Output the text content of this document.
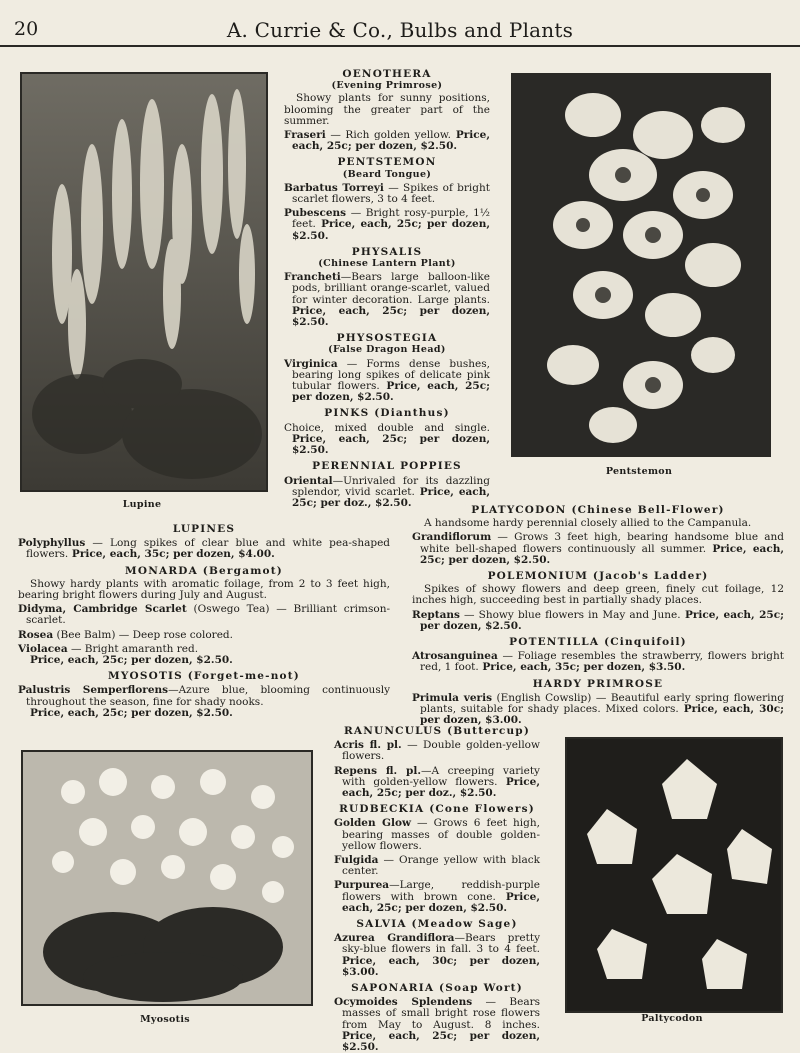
20	A. Currie & Co., Bulbs and Plants
Lupine
Pentstemon
Myosotis	Paltycodon

OENOTHERA

(Evening Primrose)

Showy plants for sunny positions, blooming the greater part of the summer.

Fraseri — Rich golden yellow. Price, each, 25c; per dozen, $2.50.

PENTSTEMON

(Beard Tongue)

Barbatus Torreyi — Spikes of bright scarlet flowers, 3 to 4 feet.

Pubescens — Bright rosy-purple, 1½ feet. Price, each, 25c; per dozen, $2.50.

PHYSALIS

(Chinese Lantern Plant)

Francheti—Bears large balloon-like pods, brilliant orange-scarlet, valued for winter decoration. Large plants. Price, each, 25c; per dozen, $2.50.

PHYSOSTEGIA

(False Dragon Head)

Virginica — Forms dense bushes, bearing long spikes of delicate pink tubular flowers. Price, each, 25c; per dozen, $2.50.

PINKS (Dianthus)

Choice, mixed double and single. Price, each, 25c; per dozen, $2.50.

PERENNIAL POPPIES

Oriental—Unrivaled for its dazzling splendor, vivid scarlet. Price, each, 25c; per doz., $2.50.

LUPINES

Polyphyllus — Long spikes of clear blue and white pea-shaped flowers. Price, each, 35c; per dozen, $4.00.

MONARDA (Bergamot)

Showy hardy plants with aromatic foilage, from 2 to 3 feet high, bearing bright flowers during July and August.

Didyma, Cambridge Scarlet (Oswego Tea) — Brilliant crimson-scarlet.

Rosea (Bee Balm) — Deep rose colored.

Violacea — Bright amaranth red.

Price, each, 25c; per dozen, $2.50.

MYOSOTIS (Forget-me-not)

Palustris Semperflorens—Azure blue, blooming continuously throughout the season, fine for shady nooks.

Price, each, 25c; per dozen, $2.50.

PLATYCODON (Chinese Bell-Flower)

A handsome hardy perennial closely allied to the Campanula.

Grandiflorum — Grows 3 feet high, bearing handsome blue and white bell-shaped flowers continuously all summer. Price, each, 25c; per dozen, $2.50.

POLEMONIUM (Jacob's Ladder)

Spikes of showy flowers and deep green, finely cut foilage, 12 inches high, succeeding best in partially shady places.

Reptans — Showy blue flowers in May and June. Price, each, 25c; per dozen, $2.50.

POTENTILLA (Cinquifoil)

Atrosanguinea — Foliage resembles the strawberry, flowers bright red, 1 foot. Price, each, 35c; per dozen, $3.50.

HARDY PRIMROSE

Primula veris (English Cowslip) — Beautiful early spring flowering plants, suitable for shady places. Mixed colors. Price, each, 30c; per dozen, $3.00.

RANUNCULUS (Buttercup)

Acris fl. pl. — Double golden-yellow flowers.

Repens fl. pl.—A creeping variety with golden-yellow flowers. Price, each, 25c; per doz., $2.50.

RUDBECKIA (Cone Flowers)

Golden Glow — Grows 6 feet high, bearing masses of double golden-yellow flowers.

Fulgida — Orange yellow with black center.

Purpurea—Large, reddish-purple flowers with brown cone. Price, each, 25c; per dozen, $2.50.

SALVIA (Meadow Sage)

Azurea Grandiflora—Bears pretty sky-blue flowers in fall. 3 to 4 feet. Price, each, 30c; per dozen, $3.00.

SAPONARIA (Soap Wort)

Ocymoides Splendens — Bears masses of small bright rose flowers from May to August. 8 inches. Price, each, 25c; per dozen, $2.50.
